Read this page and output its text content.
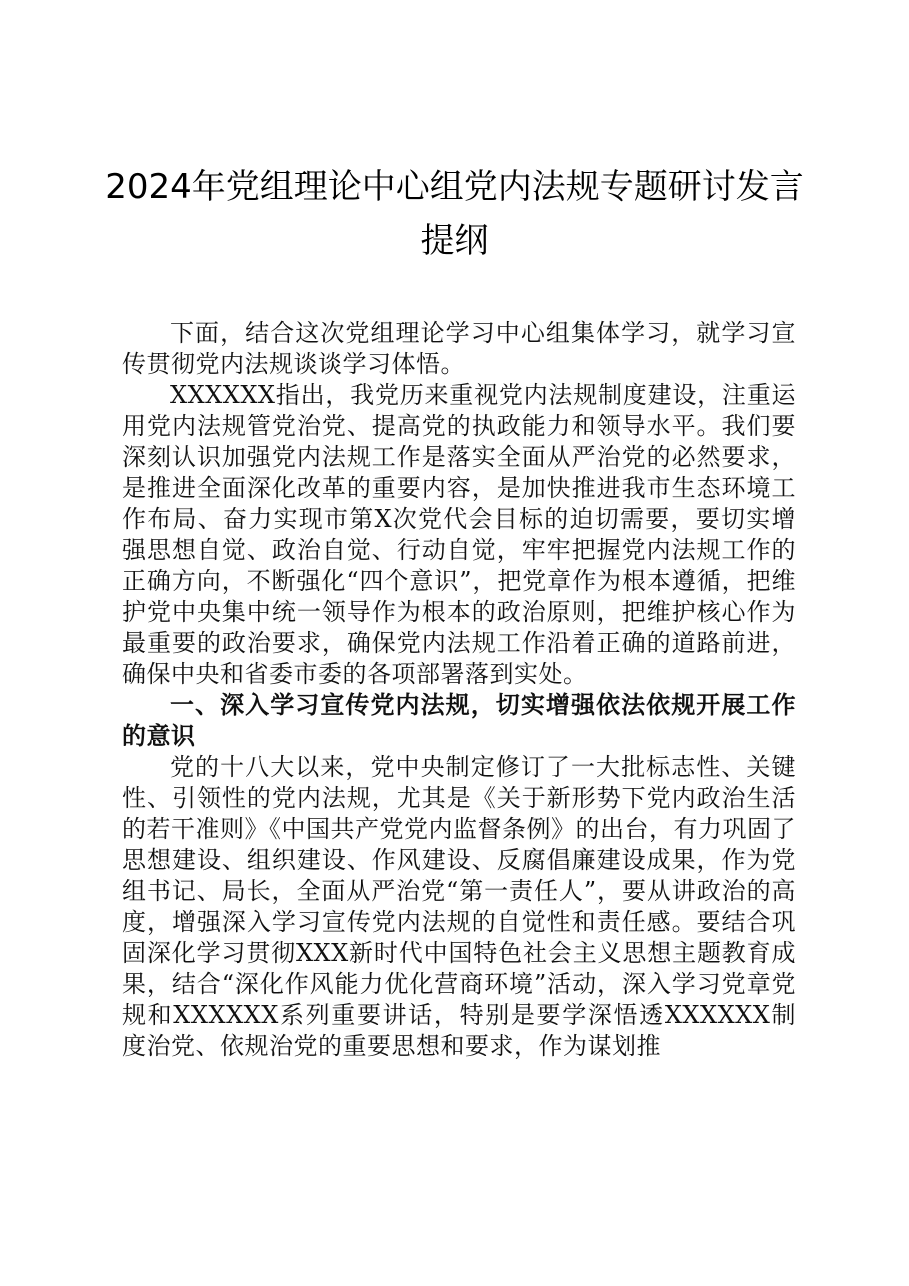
2024年党组理论中心组党内法规专题研讨发言提纲

下面，结合这次党组理论学习中心组集体学习，就学习宣传贯彻党内法规谈谈学习体悟。

XXXXXX指出，我党历来重视党内法规制度建设，注重运用党内法规管党治党、提高党的执政能力和领导水平。我们要深刻认识加强党内法规工作是落实全面从严治党的必然要求，是推进全面深化改革的重要内容，是加快推进我市生态环境工作布局、奋力实现市第X次党代会目标的迫切需要，要切实增强思想自觉、政治自觉、行动自觉，牢牢把握党内法规工作的正确方向，不断强化“四个意识”，把党章作为根本遵循，把维护党中央集中统一领导作为根本的政治原则，把维护核心作为最重要的政治要求，确保党内法规工作沿着正确的道路前进，确保中央和省委市委的各项部署落到实处。

一、深入学习宣传党内法规，切实增强依法依规开展工作的意识

党的十八大以来，党中央制定修订了一大批标志性、关键性、引领性的党内法规，尤其是《关于新形势下党内政治生活的若干准则》《中国共产党党内监督条例》的出台，有力巩固了思想建设、组织建设、作风建设、反腐倡廉建设成果，作为党组书记、局长，全面从严治党“第一责任人”，要从讲政治的高度，增强深入学习宣传党内法规的自觉性和责任感。要结合巩固深化学习贯彻XXX新时代中国特色社会主义思想主题教育成果，结合“深化作风能力优化营商环境”活动，深入学习党章党规和XXXXXX系列重要讲话，特别是要学深悟透XXXXXX制度治党、依规治党的重要思想和要求，作为谋划推
